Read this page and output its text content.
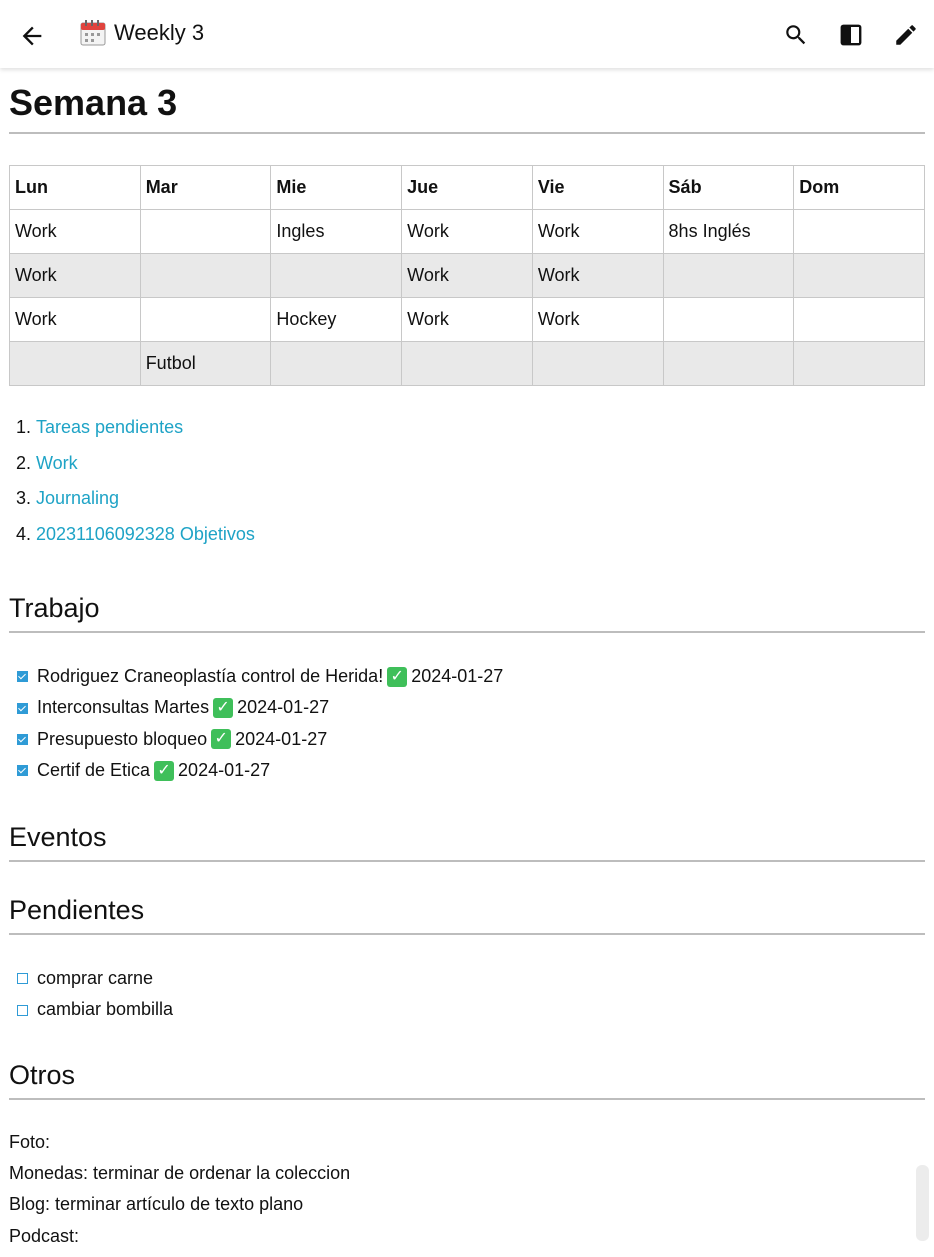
Weekly 3
Semana 3
Lun	Mar	Mie	Jue	Vie	Sáb	Dom
Work		Ingles	Work	Work	8hs Inglés	
Work			Work	Work		
Work		Hockey	Work	Work		
	Futbol					
1. Tareas pendientes
2. Work
3. Journaling
4. 20231106092328 Objetivos
Trabajo
Rodriguez Craneoplastía control de Herida! ✓ 2024-01-27
Interconsultas Martes ✓ 2024-01-27
Presupuesto bloqueo ✓ 2024-01-27
Certif de Etica ✓ 2024-01-27
Eventos
Pendientes
comprar carne
cambiar bombilla
Otros
Foto:
Monedas: terminar de ordenar la coleccion
Blog: terminar artículo de texto plano
Podcast:
